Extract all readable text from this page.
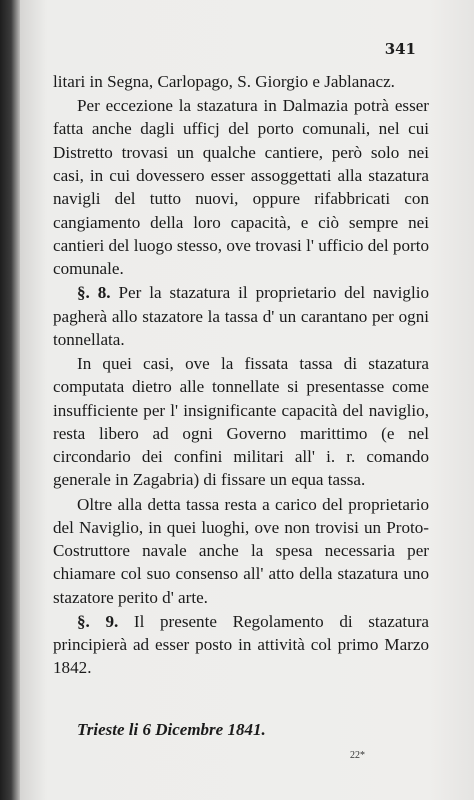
341

litari in Segna, Carlopago, S. Giorgio e Jablanacz.

Per eccezione la stazatura in Dalmazia potrà esser fatta anche dagli ufficj del porto comunali, nel cui Distretto trovasi un qualche cantiere, però solo nei casi, in cui dovessero esser assoggettati alla stazatura navigli del tutto nuovi, oppure rifabbricati con cangiamento della loro capacità, e ciò sempre nei cantieri del luogo stesso, ove trovasi l' ufficio del porto comunale.

§. 8. Per la stazatura il proprietario del naviglio pagherà allo stazatore la tassa d' un carantano per ogni tonnellata.

In quei casi, ove la fissata tassa di stazatura computata dietro alle tonnellate si presentasse come insufficiente per l' insignificante capacità del naviglio, resta libero ad ogni Governo marittimo (e nel circondario dei confini militari all' i. r. comando generale in Zagabria) di fissare un equa tassa.

Oltre alla detta tassa resta a carico del proprietario del Naviglio, in quei luoghi, ove non trovisi un Proto-Costruttore navale anche la spesa necessaria per chiamare col suo consenso all' atto della stazatura uno stazatore perito d' arte.

§. 9. Il presente Regolamento di stazatura principierà ad esser posto in attività col primo Marzo 1842.

Trieste li 6 Dicembre 1841.
22*
